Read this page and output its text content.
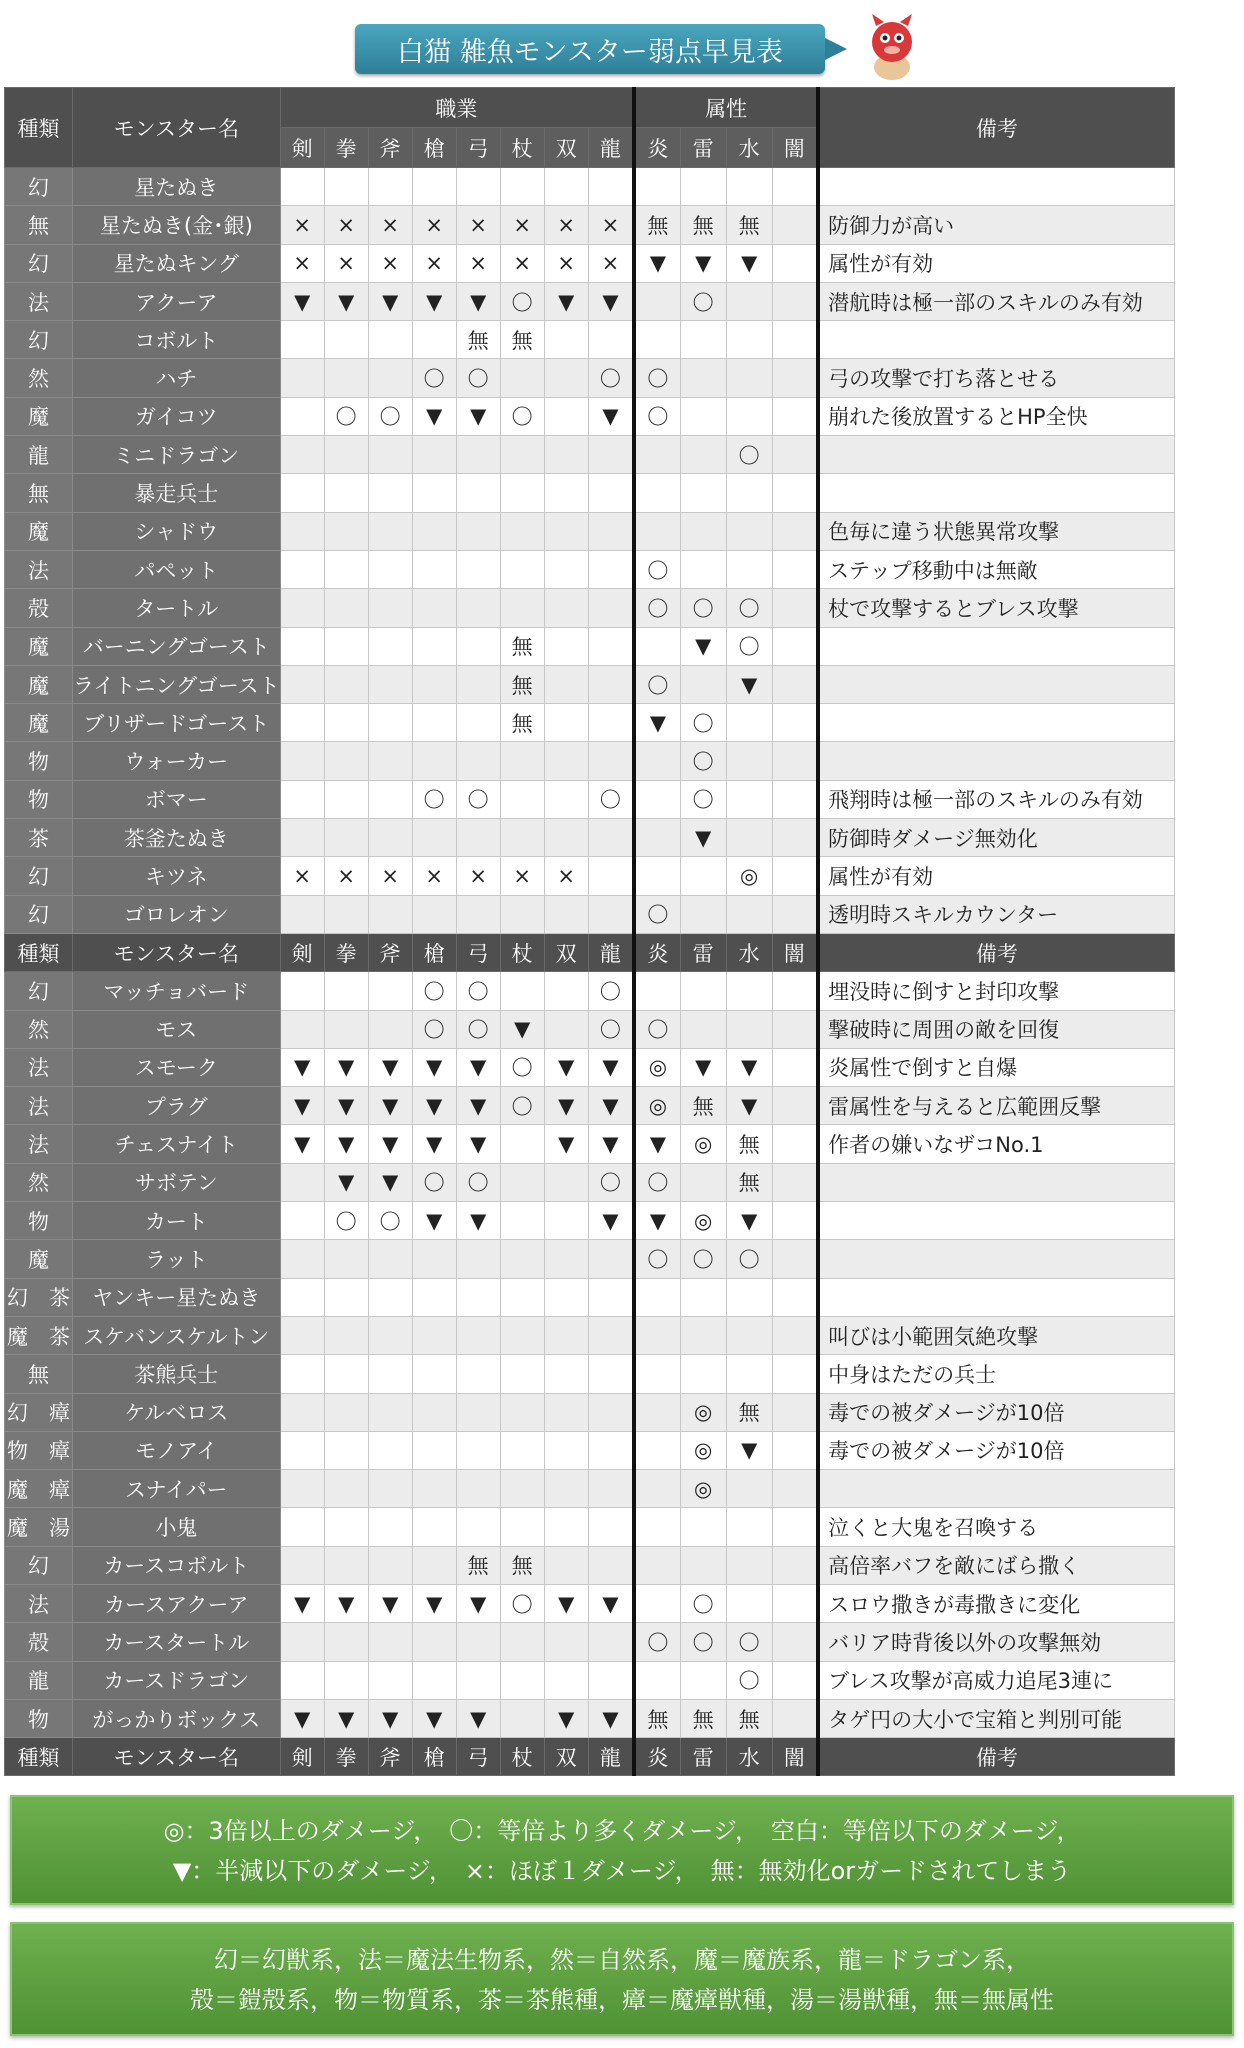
白猫 雑魚モンスター弱点早見表
種類	モンスター名	職業								属性				備考
		剣	拳	斧	槍	弓	杖	双	龍	炎	雷	水	闇	
幻	星たぬき													
無	星たぬき(金･銀)	×	×	×	×	×	×	×	×	無	無	無		防御力が高い
幻	星たぬキング	×	×	×	×	×	×	×	×	▼	▼	▼		属性が有効
法	アクーア	▼	▼	▼	▼	▼	〇	▼	▼		〇			潜航時は極一部のスキルのみ有効
幻	コボルト					無	無							
然	ハチ				〇	〇			〇	〇				弓の攻撃で打ち落とせる
魔	ガイコツ		〇	〇	▼	▼	〇		▼	〇				崩れた後放置するとHP全快
龍	ミニドラゴン											〇		
無	暴走兵士													
魔	シャドウ													色毎に違う状態異常攻撃
法	パペット									〇				ステップ移動中は無敵
殻	タートル									〇	〇	〇		杖で攻撃するとブレス攻撃
魔	バーニングゴースト						無				▼	〇		
魔	ライトニングゴースト						無			〇		▼		
魔	ブリザードゴースト						無			▼	〇			
物	ウォーカー										〇			
物	ボマー				〇	〇			〇		〇			飛翔時は極一部のスキルのみ有効
茶	茶釜たぬき										▼			防御時ダメージ無効化
幻	キツネ	×	×	×	×	×	×	×				◎		属性が有効
幻	ゴロレオン									〇				透明時スキルカウンター
種類	モンスター名	剣	拳	斧	槍	弓	杖	双	龍	炎	雷	水	闇	備考
幻	マッチョバード				〇	〇			〇					埋没時に倒すと封印攻撃
然	モス				〇	〇	▼		〇	〇				撃破時に周囲の敵を回復
法	スモーク	▼	▼	▼	▼	▼	〇	▼	▼	◎	▼	▼		炎属性で倒すと自爆
法	プラグ	▼	▼	▼	▼	▼	〇	▼	▼	◎	無	▼		雷属性を与えると広範囲反撃
法	チェスナイト	▼	▼	▼	▼	▼		▼	▼	▼	◎	無		作者の嫌いなザコNo.1
然	サボテン		▼	▼	〇	〇			〇	〇		無		
物	カート		〇	〇	▼	▼			▼	▼	◎	▼		
魔	ラット									〇	〇	〇		
幻　茶	ヤンキー星たぬき													
魔　茶	スケバンスケルトン													叫びは小範囲気絶攻撃
無	茶熊兵士													中身はただの兵士
幻　瘴	ケルベロス										◎	無		毒での被ダメージが10倍
物　瘴	モノアイ										◎	▼		毒での被ダメージが10倍
魔　瘴	スナイパー										◎			
魔　湯	小鬼													泣くと大鬼を召喚する
幻	カースコボルト					無	無							高倍率バフを敵にばら撒く
法	カースアクーア	▼	▼	▼	▼	▼	〇	▼	▼		〇			スロウ撒きが毒撒きに変化
殻	カースタートル									〇	〇	〇		バリア時背後以外の攻撃無効
龍	カースドラゴン											〇		ブレス攻撃が高威力追尾3連に
物	がっかりボックス	▼	▼	▼	▼	▼		▼	▼	無	無	無		タゲ円の大小で宝箱と判別可能
種類	モンスター名	剣	拳	斧	槍	弓	杖	双	龍	炎	雷	水	闇	備考
◎：3倍以上のダメージ，　〇：等倍より多くダメージ，　空白：等倍以下のダメージ，
▼：半減以下のダメージ，　×：ほぼ１ダメージ，　無：無効化orガードされてしまう
幻＝幻獣系，法＝魔法生物系，然＝自然系，魔＝魔族系，龍＝ドラゴン系，
殻＝鎧殻系，物＝物質系，茶＝茶熊種，瘴＝魔瘴獣種，湯＝湯獣種，無＝無属性
